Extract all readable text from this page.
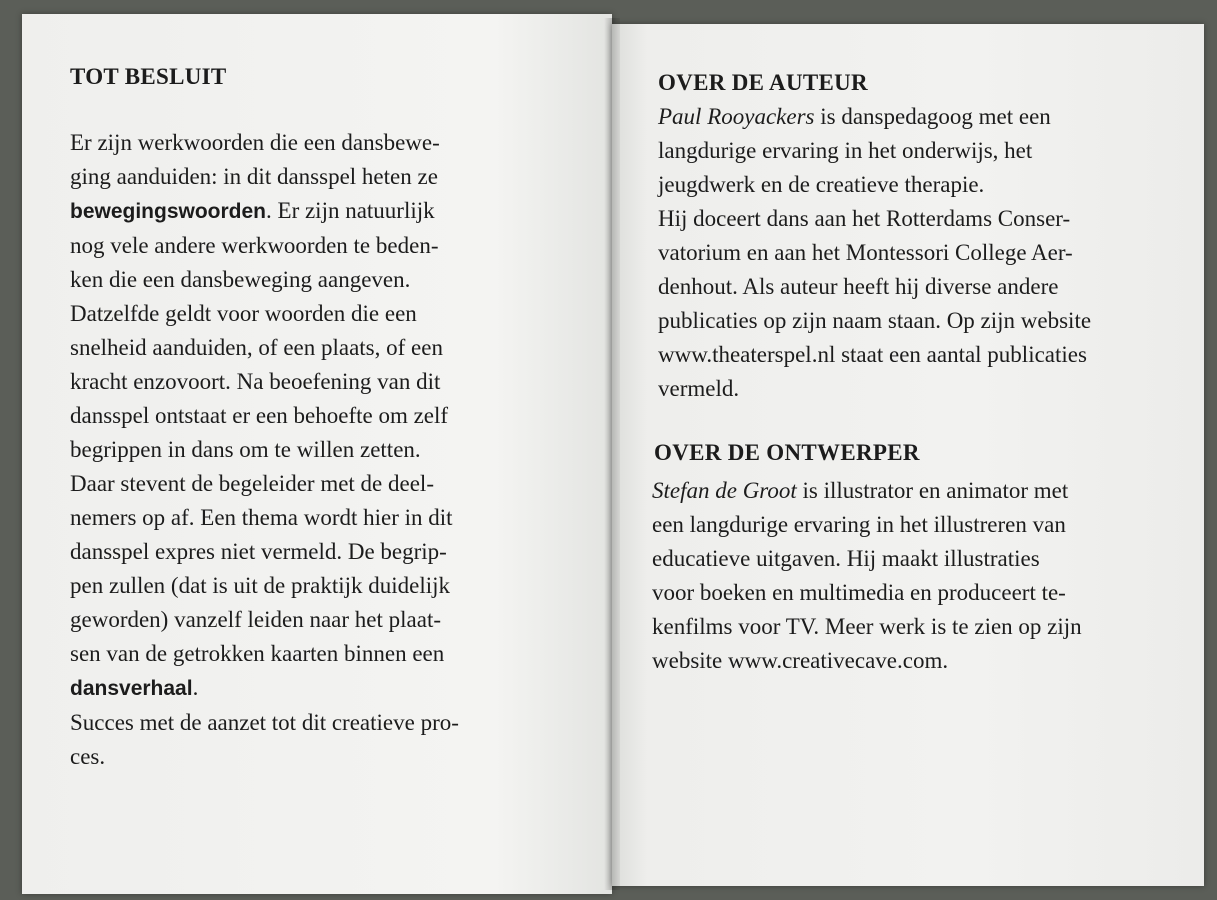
TOT BESLUIT
Er zijn werkwoorden die een dansbewe-
ging aanduiden: in dit dansspel heten ze
bewegingswoorden. Er zijn natuurlijk
nog vele andere werkwoorden te beden-
ken die een dansbeweging aangeven.
Datzelfde geldt voor woorden die een
snelheid aanduiden, of een plaats, of een
kracht enzovoort. Na beoefening van dit
dansspel ontstaat er een behoefte om zelf
begrippen in dans om te willen zetten.
Daar stevent de begeleider met de deel-
nemers op af. Een thema wordt hier in dit
dansspel expres niet vermeld. De begrip-
pen zullen (dat is uit de praktijk duidelijk
geworden) vanzelf leiden naar het plaat-
sen van de getrokken kaarten binnen een
dansverhaal.
Succes met de aanzet tot dit creatieve pro-
ces.
OVER DE AUTEUR
Paul Rooyackers is danspedagoog met een
langdurige ervaring in het onderwijs, het
jeugdwerk en de creatieve therapie.
Hij doceert dans aan het Rotterdams Conser-
vatorium en aan het Montessori College Aer-
denhout. Als auteur heeft hij diverse andere
publicaties op zijn naam staan. Op zijn website
www.theaterspel.nl staat een aantal publicaties
vermeld.
OVER DE ONTWERPER
Stefan de Groot is illustrator en animator met
een langdurige ervaring in het illustreren van
educatieve uitgaven. Hij maakt illustraties
voor boeken en multimedia en produceert te-
kenfilms voor TV. Meer werk is te zien op zijn
website www.creativecave.com.
